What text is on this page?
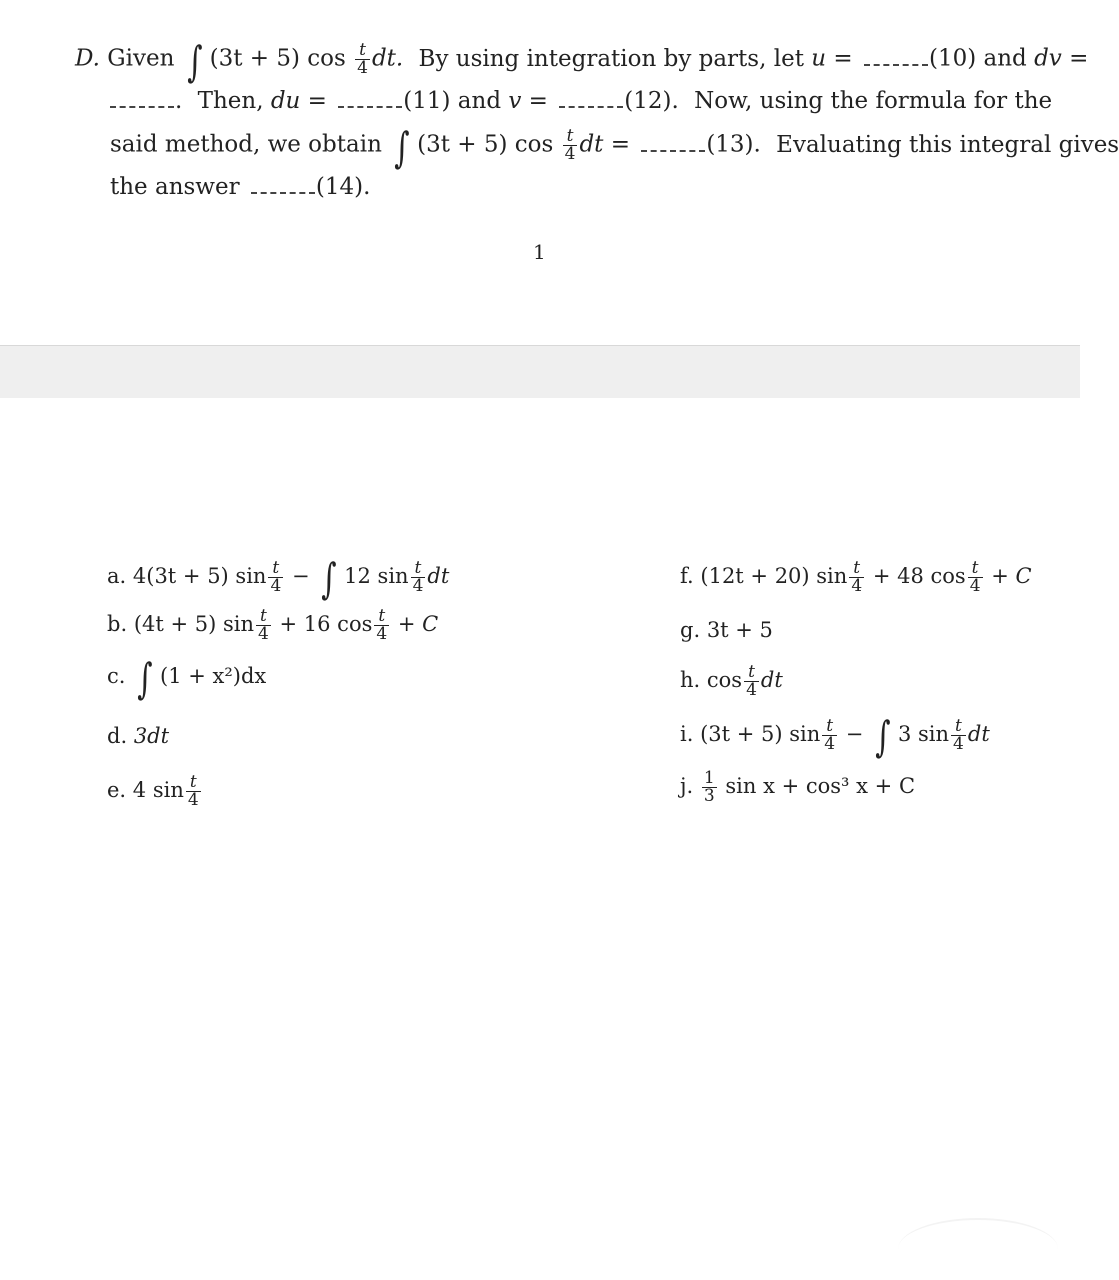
D. Given ∫ (3t + 5) $\cos \frac{t}{4}$ dt. By using integration by parts, let u =	(10) and dv =
. Then, du =	(11) and v =	(12). Now, using the formula for the
said method, we obtain ∫ (3t + 5) $\cos \frac{t}{4}$ dt =	(13). Evaluating this integral gives
the answer	(14).
1
a. 4(3t + 5) $\sin \frac{t}{4}$ − ∫ 12 $\sin \frac{t}{4}$ dt
b. (4t + 5) $\sin \frac{t}{4} + 16$ $\cos \frac{t}{4} + C$
c. ∫ (1 + x²)dx
d. 3dt
e. 4 $\sin \frac{t}{4}$
f. (12t + 20) $\sin \frac{t}{4} + 48$ $\cos \frac{t}{4} + C$
g. 3t + 5
h. $\cos \frac{t}{4}$ dt
i. (3t + 5) $\sin \frac{t}{4}$ − ∫ 3 $\sin \frac{t}{4}$ dt
j. $\frac{1}{3}$ sin x + cos³ x + C
